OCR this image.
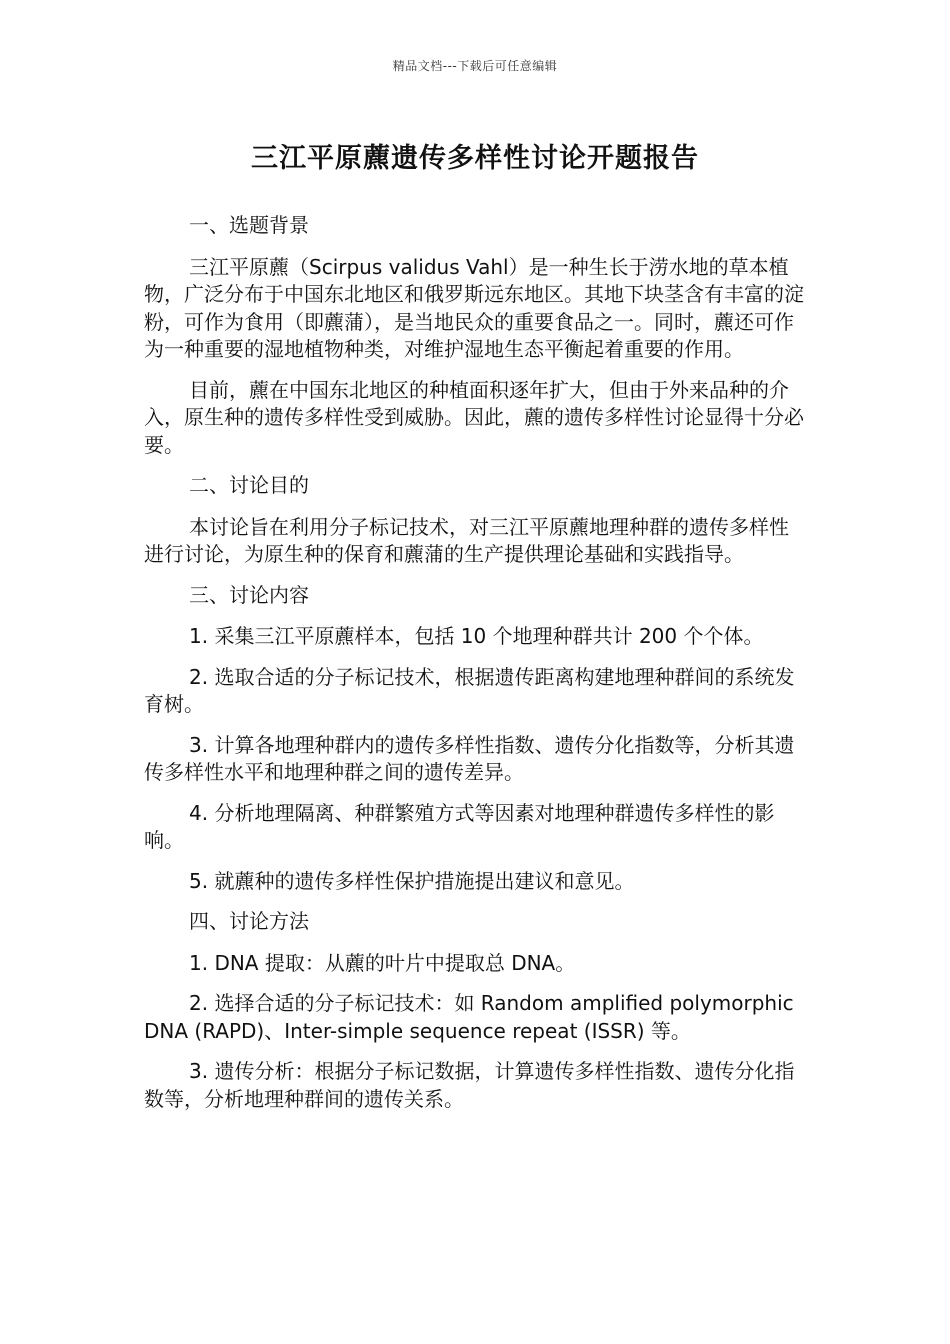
精品文档---下载后可任意编辑
三江平原藨遗传多样性讨论开题报告

一、选题背景

三江平原藨（Scirpus validus Vahl）是一种生长于涝水地的草本植物，广泛分布于中国东北地区和俄罗斯远东地区。其地下块茎含有丰富的淀粉，可作为食用（即藨蒲），是当地民众的重要食品之一。同时，藨还可作为一种重要的湿地植物种类，对维护湿地生态平衡起着重要的作用。

目前，藨在中国东北地区的种植面积逐年扩大，但由于外来品种的介入，原生种的遗传多样性受到威胁。因此，藨的遗传多样性讨论显得十分必要。

二、讨论目的

本讨论旨在利用分子标记技术，对三江平原藨地理种群的遗传多样性进行讨论，为原生种的保育和藨蒲的生产提供理论基础和实践指导。

三、讨论内容

1. 采集三江平原藨样本，包括 10 个地理种群共计 200 个个体。

2. 选取合适的分子标记技术，根据遗传距离构建地理种群间的系统发育树。

3. 计算各地理种群内的遗传多样性指数、遗传分化指数等，分析其遗传多样性水平和地理种群之间的遗传差异。

4. 分析地理隔离、种群繁殖方式等因素对地理种群遗传多样性的影响。

5. 就藨种的遗传多样性保护措施提出建议和意见。

四、讨论方法

1. DNA 提取：从藨的叶片中提取总 DNA。

2. 选择合适的分子标记技术：如 Random amplified polymorphic DNA (RAPD)、Inter-simple sequence repeat (ISSR) 等。

3. 遗传分析：根据分子标记数据，计算遗传多样性指数、遗传分化指数等，分析地理种群间的遗传关系。
